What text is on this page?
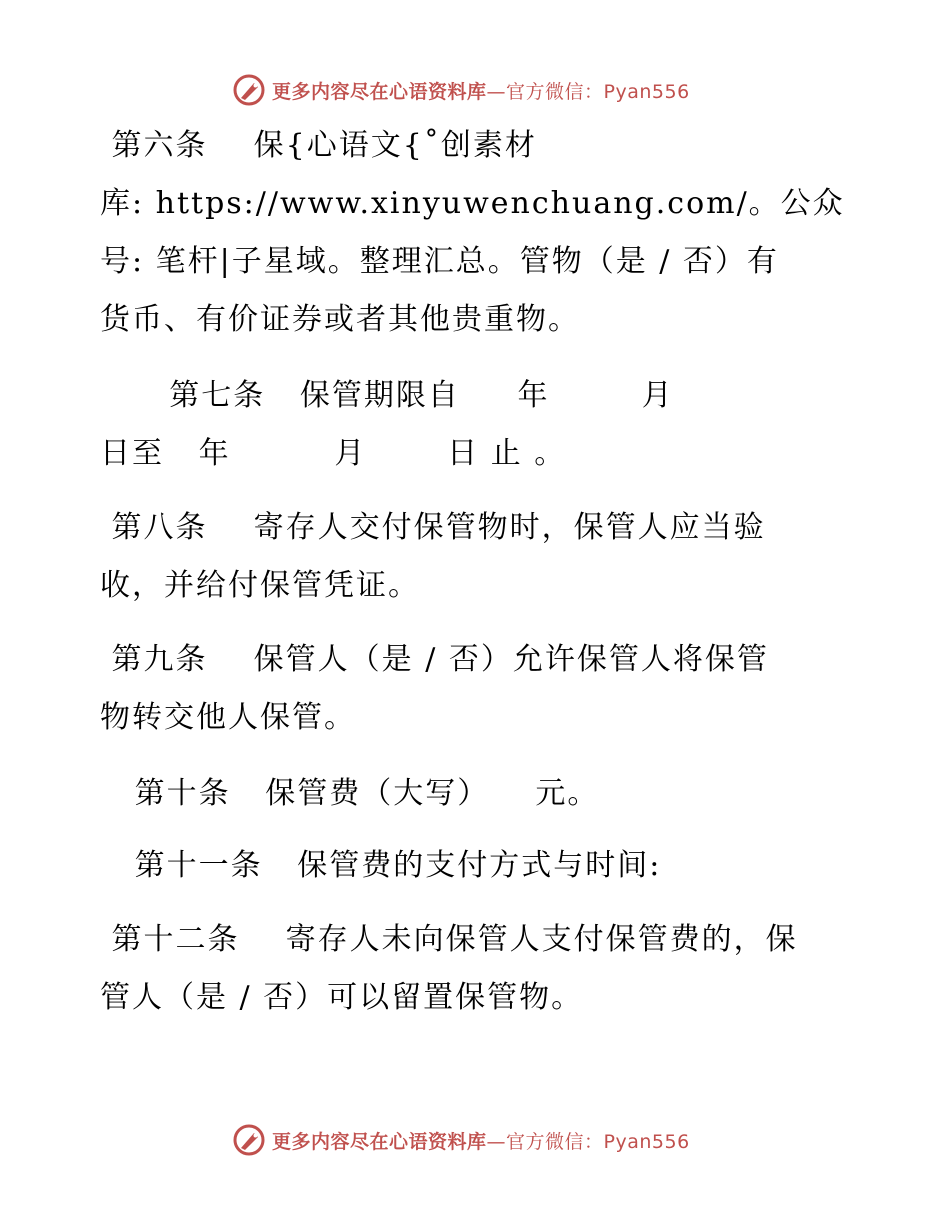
更多内容尽在心语资料库—官方微信：Pyan556
第六条    保{心语文{˚创素材
库: https://www.xinyuwenchuang.com/。公众
号: 笔杆|子星域。整理汇总。管物（是 / 否）有
货币、有价证券或者其他贵重物。
第七条   保管期限自     年        月
日至   年         月       日 止 。
第八条    寄存人交付保管物时，保管人应当验
收，并给付保管凭证。
第九条    保管人（是 / 否）允许保管人将保管
物转交他人保管。
第十条   保管费（大写）    元。
第十一条   保管费的支付方式与时间:
第十二条    寄存人未向保管人支付保管费的，保
管人（是 / 否）可以留置保管物。
更多内容尽在心语资料库—官方微信：Pyan556
